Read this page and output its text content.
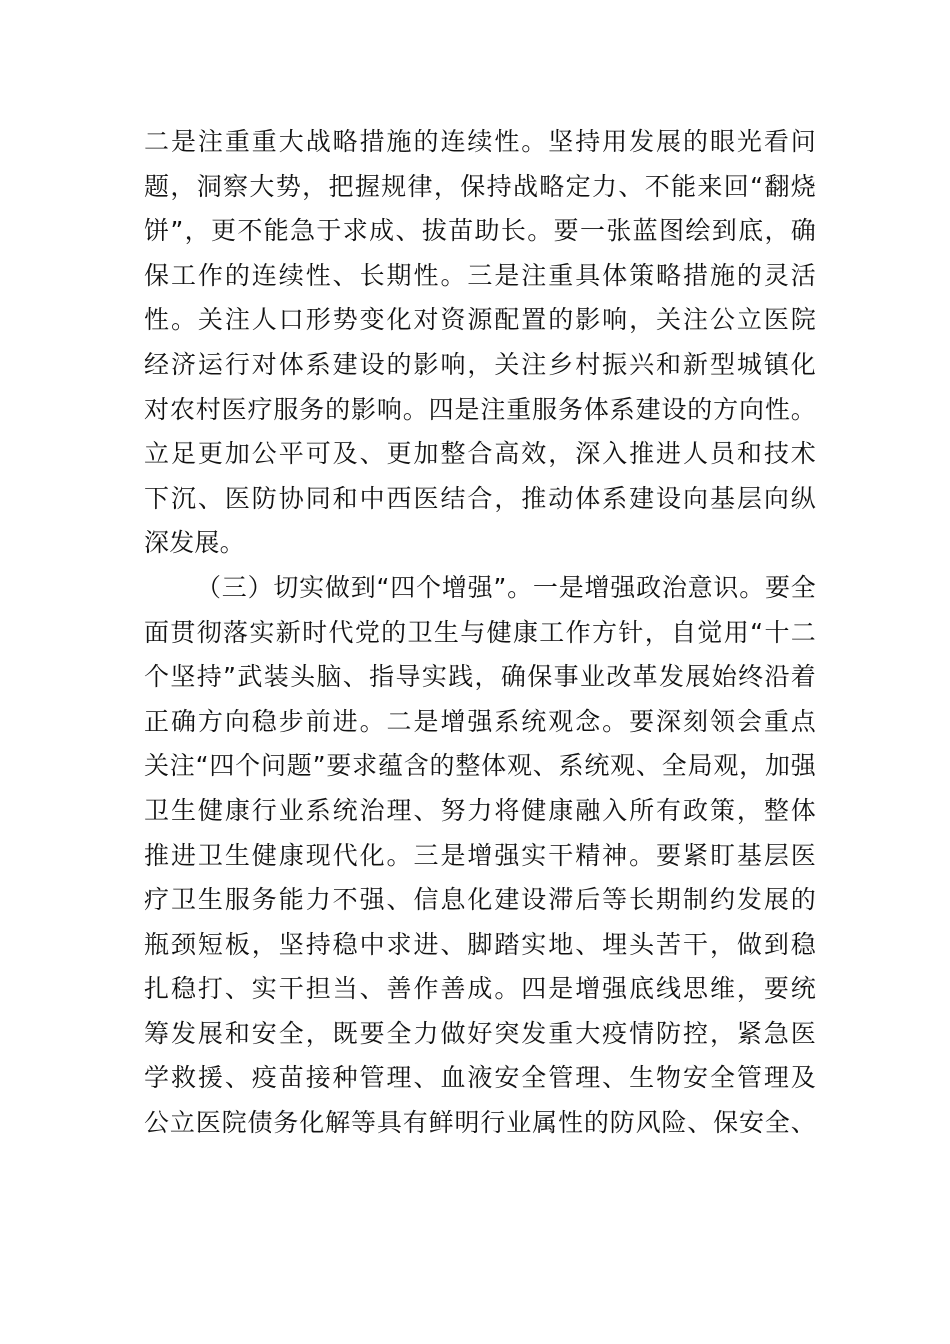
二是注重重大战略措施的连续性。坚持用发展的眼光看问
题，洞察大势，把握规律，保持战略定力、不能来回“翻烧
饼”，更不能急于求成、拔苗助长。要一张蓝图绘到底，确
保工作的连续性、长期性。三是注重具体策略措施的灵活
性。关注人口形势变化对资源配置的影响，关注公立医院
经济运行对体系建设的影响，关注乡村振兴和新型城镇化
对农村医疗服务的影响。四是注重服务体系建设的方向性。
立足更加公平可及、更加整合高效，深入推进人员和技术
下沉、医防协同和中西医结合，推动体系建设向基层向纵
深发展。
（三）切实做到“四个增强”。一是增强政治意识。要全
面贯彻落实新时代党的卫生与健康工作方针，自觉用“十二
个坚持”武装头脑、指导实践，确保事业改革发展始终沿着
正确方向稳步前进。二是增强系统观念。要深刻领会重点
关注“四个问题”要求蕴含的整体观、系统观、全局观，加强
卫生健康行业系统治理、努力将健康融入所有政策，整体
推进卫生健康现代化。三是增强实干精神。要紧盯基层医
疗卫生服务能力不强、信息化建设滞后等长期制约发展的
瓶颈短板，坚持稳中求进、脚踏实地、埋头苦干，做到稳
扎稳打、实干担当、善作善成。四是增强底线思维，要统
筹发展和安全，既要全力做好突发重大疫情防控，紧急医
学救援、疫苗接种管理、血液安全管理、生物安全管理及
公立医院债务化解等具有鲜明行业属性的防风险、保安全、
